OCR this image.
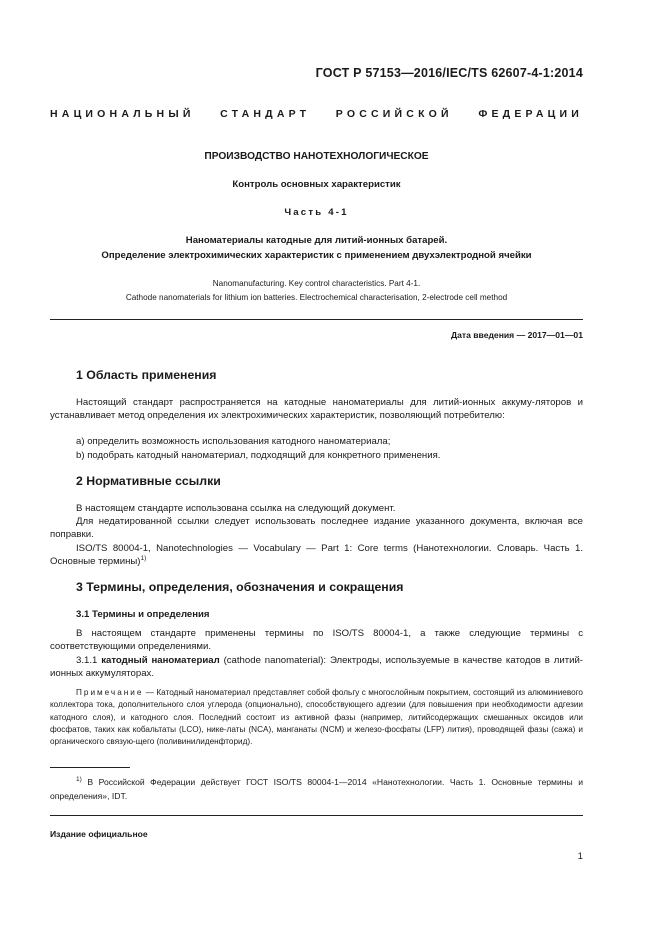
ГОСТ Р 57153—2016/IEC/TS 62607-4-1:2014
НАЦИОНАЛЬНЫЙ СТАНДАРТ РОССИЙСКОЙ ФЕДЕРАЦИИ
ПРОИЗВОДСТВО НАНОТЕХНОЛОГИЧЕСКОЕ
Контроль основных характеристик
Часть 4-1
Наноматериалы катодные для литий-ионных батарей.
Определение электрохимических характеристик с применением двухэлектродной ячейки
Nanomanufacturing. Key control characteristics. Part 4-1.
Cathode nanomaterials for lithium ion batteries. Electrochemical characterisation, 2-electrode cell method
Дата введения — 2017—01—01
1 Область применения
Настоящий стандарт распространяется на катодные наноматериалы для литий-ионных аккуму-ляторов и устанавливает метод определения их электрохимических характеристик, позволяющий потребителю:
a) определить возможность использования катодного наноматериала;
b) подобрать катодный наноматериал, подходящий для конкретного применения.
2 Нормативные ссылки
В настоящем стандарте использована ссылка на следующий документ.
Для недатированной ссылки следует использовать последнее издание указанного документа, включая все поправки.
ISO/TS 80004-1, Nanotechnologies — Vocabulary — Part 1: Core terms (Нанотехнологии. Словарь. Часть 1. Основные термины)$^{1)}$
3 Термины, определения, обозначения и сокращения
3.1 Термины и определения
В настоящем стандарте применены термины по ISO/TS 80004-1, а также следующие термины с соответствующими определениями.
3.1.1 катодный наноматериал (cathode nanomaterial): Электроды, используемые в качестве катодов в литий-ионных аккумуляторах.
Примечание — Катодный наноматериал представляет собой фольгу с многослойным покрытием, состоящий из алюминиевого коллектора тока, дополнительного слоя углерода (опционально), способствующего адгезии (для повышения при необходимости адгезии катодного слоя), и катодного слоя. Последний состоит из активной фазы (например, литийсодержащих смешанных оксидов или фосфатов, таких как кобальтаты (LCO), нике-латы (NCA), манганаты (NCM) и железо-фосфаты (LFP) лития), проводящей фазы (сажа) и органического связую-щего (поливинилиденфторид).
$^{1)}$ В Российской Федерации действует ГОСТ ISO/TS 80004-1—2014 «Нанотехнологии. Часть 1. Основные термины и определения», IDT.
Издание официальное
1
